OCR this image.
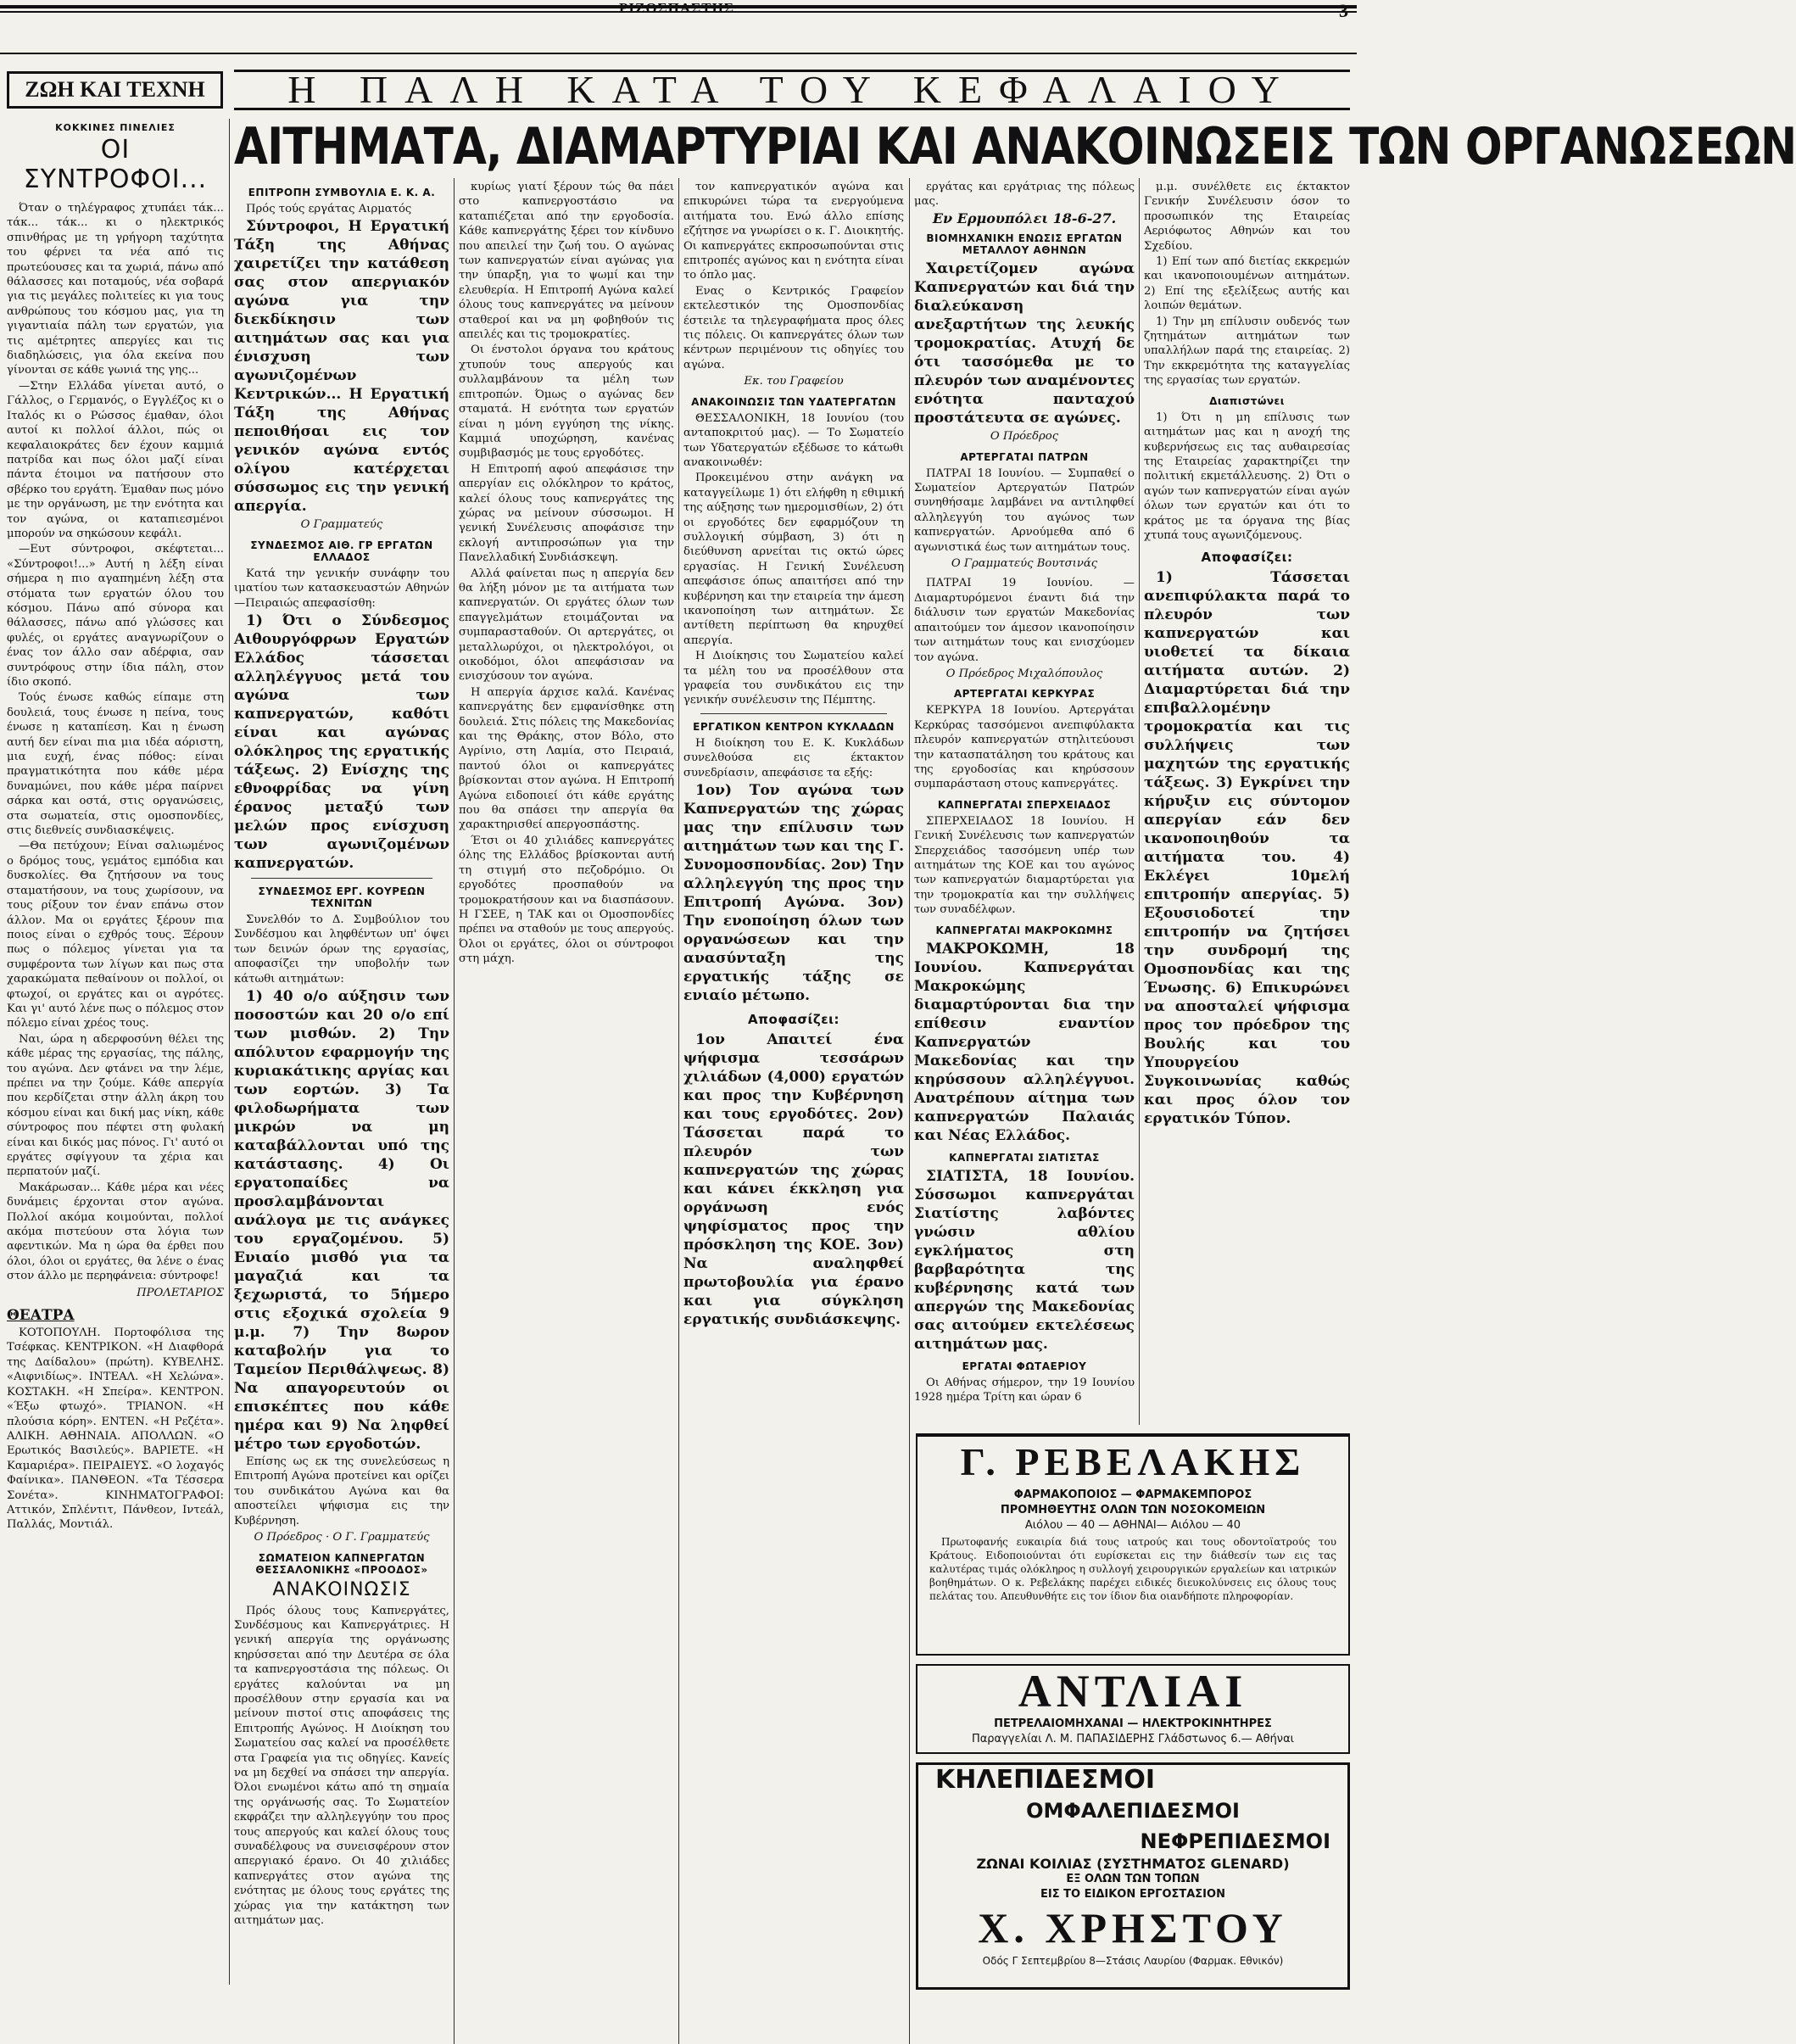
ΡΙΖΟΣΠΑΣΤΗΣ	3
ΖΩΗ ΚΑΙ ΤΕΧΝΗ	Η ΠΑΛΗ ΚΑΤΑ ΤΟΥ ΚΕΦΑΛΑΙΟΥ
ΑΙΤΗΜΑΤΑ, ΔΙΑΜΑΡΤΥΡΙΑΙ ΚΑΙ ΑΝΑΚΟΙΝΩΣΕΙΣ ΤΩΝ ΟΡΓΑΝΩΣΕΩΝ
ΚΟΚΚΙΝΕΣ ΠΙΝΕΛΙΕΣ
ΟΙ ΣΥΝΤΡΟΦΟΙ...

Όταν ο τηλέγραφος χτυπάει τάκ... τάκ... τάκ... κι ο ηλεκτρικός σπινθήρας με τη γρήγορη ταχύτητα του φέρνει τα νέα από τις πρωτεύουσες και τα χωριά, πάνω από θάλασσες και ποταμούς, νέα σοβαρά για τις μεγάλες πολιτείες κι για τους ανθρώπους του κόσμου μας, για τη γιγαντιαία πάλη των εργατών, για τις αμέτρητες απεργίες και τις διαδηλώσεις, για όλα εκείνα που γίνονται σε κάθε γωνιά της γης...

—Στην Ελλάδα γίνεται αυτό, ο Γάλλος, ο Γερμανός, ο Εγγλέζος κι ο Ιταλός κι ο Ρώσσος έμαθαν, όλοι αυτοί κι πολλοί άλλοι, πώς οι κεφαλαιοκράτες δεν έχουν καμμιά πατρίδα και πως όλοι μαζί είναι πάντα έτοιμοι να πατήσουν στο σβέρκο του εργάτη. Έμαθαν πως μόνο με την οργάνωση, με την ενότητα και τον αγώνα, οι καταπιεσμένοι μπορούν να σηκώσουν κεφάλι.

—Ευτ σύντροφοι, σκέφτεται... «Σύντροφοι!...» Αυτή η λέξη είναι σήμερα η πιο αγαπημένη λέξη στα στόματα των εργατών όλου του κόσμου. Πάνω από σύνορα και θάλασσες, πάνω από γλώσσες και φυλές, οι εργάτες αναγνωρίζουν ο ένας τον άλλο σαν αδέρφια, σαν συντρόφους στην ίδια πάλη, στον ίδιο σκοπό.

Τούς ένωσε καθώς είπαμε στη δουλειά, τους ένωσε η πείνα, τους ένωσε η καταπίεση. Και η ένωση αυτή δεν είναι πια μια ιδέα αόριστη, μια ευχή, ένας πόθος: είναι πραγματικότητα που κάθε μέρα δυναμώνει, που κάθε μέρα παίρνει σάρκα και οστά, στις οργανώσεις, στα σωματεία, στις ομοσπονδίες, στις διεθνείς συνδιασκέψεις.

—Θα πετύχουν; Είναι σαλιωμένος ο δρόμος τους, γεμάτος εμπόδια και δυσκολίες. Θα ζητήσουν να τους σταματήσουν, να τους χωρίσουν, να τους ρίξουν τον έναν επάνω στον άλλον. Μα οι εργάτες ξέρουν πια ποιος είναι ο εχθρός τους. Ξέρουν πως ο πόλεμος γίνεται για τα συμφέροντα των λίγων και πως στα χαρακώματα πεθαίνουν οι πολλοί, οι φτωχοί, οι εργάτες και οι αγρότες. Και γι' αυτό λένε πως ο πόλεμος στον πόλεμο είναι χρέος τους.

Ναι, ώρα η αδερφοσύνη θέλει της κάθε μέρας της εργασίας, της πάλης, του αγώνα. Δεν φτάνει να την λέμε, πρέπει να την ζούμε. Κάθε απεργία που κερδίζεται στην άλλη άκρη του κόσμου είναι και δική μας νίκη, κάθε σύντροφος που πέφτει στη φυλακή είναι και δικός μας πόνος. Γι' αυτό οι εργάτες σφίγγουν τα χέρια και περπατούν μαζί.

Μακάρωσαν... Κάθε μέρα και νέες δυνάμεις έρχονται στον αγώνα. Πολλοί ακόμα κοιμούνται, πολλοί ακόμα πιστεύουν στα λόγια των αφεντικών. Μα η ώρα θα έρθει που όλοι, όλοι οι εργάτες, θα λένε ο ένας στον άλλο με περηφάνεια: σύντροφε!

ΠΡΟΛΕΤΑΡΙΟΣ
ΘΕΑΤΡΑ

ΚΟΤΟΠΟΥΛΗ. Πορτοφόλισα της Τσέφκας. ΚΕΝΤΡΙΚΟΝ. «Η Διαφθορά της Δαίδαλου» (πρώτη). ΚΥΒΕΛΗΣ. «Αιφνιδίως». ΙΝΤΕΑΛ. «Η Χελώνα». ΚΟΣΤΑΚΗ. «Η Σπείρα». ΚΕΝΤΡΟΝ. «Έξω φτωχό». ΤΡΙΑΝΟΝ. «Η πλούσια κόρη». ΕΝΤΕΝ. «Η Ρεζέτα». ΑΛΙΚΗ. ΑΘΗΝΑΙΑ. ΑΠΟΛΛΩΝ. «Ο Ερωτικός Βασιλεύς». ΒΑΡΙΕΤΕ. «Η Καμαριέρα». ΠΕΙΡΑΙΕΥΣ. «Ο λοχαγός Φαίνικα». ΠΑΝΘΕΟΝ. «Τα Τέσσερα Σονέτα». ΚΙΝΗΜΑΤΟΓΡΑΦΟΙ: Αττικόν, Σπλέντιτ, Πάνθεον, Ιντεάλ, Παλλάς, Μοντιάλ.

ΕΠΙΤΡΟΠΗ ΣΥΜΒΟΥΛΙΑ Ε. Κ. Α.

Πρός τούς εργάτας Αιρματός

Σύντροφοι, Η Εργατική Τάξη της Αθήνας χαιρετίζει την κατάθεση σας στον απεργιακόν αγώνα για την διεκδίκησιν των αιτημάτων σας και για ένισχυση των αγωνιζομένων Κεντρικών... Η Εργατική Τάξη της Αθήνας πεποιθήσαι εις τον γενικόν αγώνα εντός ολίγου κατέρχεται σύσσωμος εις την γενική απεργία.

Ο Γραμματεύς
ΣΥΝΔΕΣΜΟΣ ΑΙΘ. ΓΡ ΕΡΓΑΤΩΝ ΕΛΛΑΔΟΣ

Κατά την γενικήν συνάφην του ιματίου των κατασκευαστών Αθηνών —Πειραιώς απεφασίσθη:

1) Ότι ο Σύνδεσμος Αιθουργόφρων Εργατών Ελλάδος τάσσεται αλληλέγγυος μετά του αγώνα των καπνεργατών, καθότι είναι και αγώνας ολόκληρος της εργατικής τάξεως. 2) Ενίσχης της εθνοφρίδας να γίνη έρανος μεταξύ των μελών προς ενίσχυση των αγωνιζομένων καπνεργατών.

ΣΥΝΔΕΣΜΟΣ ΕΡΓ. ΚΟΥΡΕΩΝ ΤΕΧΝΙΤΩΝ

Συνελθόν το Δ. Συμβούλιον του Συνδέσμου και ληφθέντων υπ' όψει των δεινών όρων της εργασίας, αποφασίζει την υποβολήν των κάτωθι αιτημάτων:

1) 40 ο/ο αύξησιν των ποσοστών και 20 ο/ο επί των μισθών. 2) Την απόλυτον εφαρμογήν της κυριακάτικης αργίας και των εορτών. 3) Τα φιλοδωρήματα των μικρών να μη καταβάλλονται υπό της κατάστασης. 4) Οι εργατοπαίδες να προσλαμβάνονται ανάλογα με τις ανάγκες του εργαζομένου. 5) Ενιαίο μισθό για τα μαγαζιά και τα ξεχωριστά, το 5ήμερο στις εξοχικά σχολεία 9 μ.μ. 7) Την 8ωρον καταβολήν για το Ταμείον Περιθάλψεως. 8) Να απαγορευτούν οι επισκέπτες που κάθε ημέρα και 9) Να ληφθεί μέτρο των εργοδοτών.

Επίσης ως εκ της συνελεύσεως η Επιτροπή Αγώνα προτείνει και ορίζει του συνδικάτου Αγώνα και θα αποστείλει ψήφισμα εις την Κυβέρνηση.

Ο Πρόεδρος · Ο Γ. Γραμματεύς
ΣΩΜΑΤΕΙΟΝ ΚΑΠΝΕΡΓΑΤΩΝ ΘΕΣΣΑΛΟΝΙΚΗΣ «ΠΡΟΟΔΟΣ»
ΑΝΑΚΟΙΝΩΣΙΣ

Πρός όλους τους Καπνεργάτες, Συνδέσμους και Καπνεργάτριες. Η γενική απεργία της οργάνωσης κηρύσσεται από την Δευτέρα σε όλα τα καπνεργοστάσια της πόλεως. Οι εργάτες καλούνται να μη προσέλθουν στην εργασία και να μείνουν πιστοί στις αποφάσεις της Επιτροπής Αγώνος. Η Διοίκηση του Σωματείου σας καλεί να προσέλθετε στα Γραφεία για τις οδηγίες. Κανείς να μη δεχθεί να σπάσει την απεργία. Όλοι ενωμένοι κάτω από τη σημαία της οργάνωσής σας. Το Σωματείον εκφράζει την αλληλεγγύην του προς τους απεργούς και καλεί όλους τους συναδέλφους να συνεισφέρουν στον απεργιακό έρανο. Οι 40 χιλιάδες καπνεργάτες στον αγώνα της ενότητας με όλους τους εργάτες της χώρας για την κατάκτηση των αιτημάτων μας.

κυρίως γιατί ξέρουν τώς θα πάει στο καπνεργοστάσιο να καταπιέζεται από την εργοδοσία. Κάθε καπνεργάτης ξέρει τον κίνδυνο που απειλεί την ζωή του. Ο αγώνας των καπνεργατών είναι αγώνας για την ύπαρξη, για το ψωμί και την ελευθερία. Η Επιτροπή Αγώνα καλεί όλους τους καπνεργάτες να μείνουν σταθεροί και να μη φοβηθούν τις απειλές και τις τρομοκρατίες.

Οι ένστολοι όργανα του κράτους χτυπούν τους απεργούς και συλλαμβάνουν τα μέλη των επιτροπών. Όμως ο αγώνας δεν σταματά. Η ενότητα των εργατών είναι η μόνη εγγύηση της νίκης. Καμμιά υποχώρηση, κανένας συμβιβασμός με τους εργοδότες.

Η Επιτροπή αφού απεφάσισε την απεργίαν εις ολόκληρον το κράτος, καλεί όλους τους καπνεργάτες της χώρας να μείνουν σύσσωμοι. Η γενική Συνέλευσις αποφάσισε την εκλογή αντιπροσώπων για την Πανελλαδική Συνδιάσκεψη.

Αλλά φαίνεται πως η απεργία δεν θα λήξη μόνον με τα αιτήματα των καπνεργατών. Οι εργάτες όλων των επαγγελμάτων ετοιμάζονται να συμπαρασταθούν. Οι αρτεργάτες, οι μεταλλωρύχοι, οι ηλεκτρολόγοι, οι οικοδόμοι, όλοι απεφάσισαν να ενισχύσουν τον αγώνα.

Η απεργία άρχισε καλά. Κανένας καπνεργάτης δεν εμφανίσθηκε στη δουλειά. Στις πόλεις της Μακεδονίας και της Θράκης, στον Βόλο, στο Αγρίνιο, στη Λαμία, στο Πειραιά, παντού όλοι οι καπνεργάτες βρίσκονται στον αγώνα. Η Επιτροπή Αγώνα ειδοποιεί ότι κάθε εργάτης που θα σπάσει την απεργία θα χαρακτηρισθεί απεργοσπάστης.

Έτσι οι 40 χιλιάδες καπνεργάτες όλης της Ελλάδος βρίσκονται αυτή τη στιγμή στο πεζοδρόμιο. Οι εργοδότες προσπαθούν να τρομοκρατήσουν και να διασπάσουν. Η ΓΣΕΕ, η ΤΑΚ και οι Ομοσπονδίες πρέπει να σταθούν με τους απεργούς. Όλοι οι εργάτες, όλοι οι σύντροφοι στη μάχη.

τον καπνεργατικόν αγώνα και επικυρώνει τώρα τα ενεργούμενα αιτήματα του. Ενώ άλλο επίσης εζήτησε να γνωρίσει ο κ. Γ. Διοικητής. Οι καπνεργάτες εκπροσωπούνται στις επιτροπές αγώνος και η ενότητα είναι το όπλο μας.

Ενας ο Κεντρικός Γραφείον εκτελεστικόν της Ομοσπονδίας έστειλε τα τηλεγραφήματα προς όλες τις πόλεις. Οι καπνεργάτες όλων των κέντρων περιμένουν τις οδηγίες του αγώνα.

Εκ. του Γραφείου
ΑΝΑΚΟΙΝΩΣΙΣ ΤΩΝ ΥΔΑΤΕΡΓΑΤΩΝ

ΘΕΣΣΑΛΟΝΙΚΗ, 18 Ιουνίου (του ανταποκριτού μας). — Το Σωματείο των Υδατεργατών εξέδωσε το κάτωθι ανακοινωθέν:

Προκειμένου στην ανάγκη να καταγγείλωμε 1) ότι ελήφθη η εθιμική της αύξησης των ημερομισθίων, 2) ότι οι εργοδότες δεν εφαρμόζουν τη συλλογική σύμβαση, 3) ότι η διεύθυνση αρνείται τις οκτώ ώρες εργασίας. Η Γενική Συνέλευση απεφάσισε όπως απαιτήσει από την κυβέρνηση και την εταιρεία την άμεση ικανοποίηση των αιτημάτων. Σε αντίθετη περίπτωση θα κηρυχθεί απεργία.

Η Διοίκησις του Σωματείου καλεί τα μέλη του να προσέλθουν στα γραφεία του συνδικάτου εις την γενικήν συνέλευσιν της Πέμπτης.

ΕΡΓΑΤΙΚΟΝ ΚΕΝΤΡΟΝ ΚΥΚΛΑΔΩΝ

Η διοίκηση του Ε. Κ. Κυκλάδων συνελθούσα εις έκτακτον συνεδρίασιν, απεφάσισε τα εξής:

1ον) Τον αγώνα των Καπνεργατών της χώρας μας την επίλυσιν των αιτημάτων των και της Γ. Συνομοσπονδίας. 2ον) Την αλληλεγγύη της προς την Επιτροπή Αγώνα. 3ον) Την ενοποίηση όλων των οργανώσεων και την ανασύνταξη της εργατικής τάξης σε ενιαίο μέτωπο.

Αποφασίζει:

1ον Απαιτεί ένα ψήφισμα τεσσάρων χιλιάδων (4,000) εργατών και προς την Κυβέρνηση και τους εργοδότες. 2ον) Τάσσεται παρά το πλευρόν των καπνεργατών της χώρας και κάνει έκκληση για οργάνωση ενός ψηφίσματος προς την πρόσκληση της ΚΟΕ. 3ον) Να αναληφθεί πρωτοβουλία για έρανο και για σύγκληση εργατικής συνδιάσκεψης.

εργάτας και εργάτριας της πόλεως μας.

Εν Ερμουπόλει 18-6-27.
ΒΙΟΜΗΧΑΝΙΚΗ ΕΝΩΣΙΣ ΕΡΓΑΤΩΝ ΜΕΤΑΛΛΟΥ ΑΘΗΝΩΝ

Χαιρετίζομεν αγώνα Καπνεργατών και διά την διαλεύκανση ανεξαρτήτων της λευκής τρομοκρατίας. Ατυχή δε ότι τασσόμεθα με το πλευρόν των αναμένοντες ενότητα πανταχού προστάτευτα σε αγώνες.

Ο Πρόεδρος
ΑΡΤΕΡΓΑΤΑΙ ΠΑΤΡΩΝ

ΠΑΤΡΑΙ 18 Ιουνίου. — Συμπαθεί ο Σωματείον Αρτεργατών Πατρών συνηθήσαμε λαμβάνει να αντιληφθεί αλληλεγγύη του αγώνος των καπνεργατών. Αρνούμεθα από 6 αγωνιστικά έως των αιτημάτων τους.

Ο Γραμματεύς Βουτσινάς

ΠΑΤΡΑΙ 19 Ιουνίου. — Διαμαρτυρόμενοι έναντι διά την διάλυσιν των εργατών Μακεδονίας απαιτούμεν τον άμεσον ικανοποίησιν των αιτημάτων τους και ενισχύομεν τον αγώνα.

Ο Πρόεδρος Μιχαλόπουλος
ΑΡΤΕΡΓΑΤΑΙ ΚΕΡΚΥΡΑΣ

ΚΕΡΚΥΡΑ 18 Ιουνίου. Αρτεργάται Κερκύρας τασσόμενοι ανεπιφύλακτα πλευρόν καπνεργατών στηλιτεύουσι την κατασπατάληση του κράτους και της εργοδοσίας και κηρύσσουν συμπαράσταση στους καπνεργάτες.

ΚΑΠΝΕΡΓΑΤΑΙ ΣΠΕΡΧΕΙΑΔΟΣ

ΣΠΕΡΧΕΙΑΔΟΣ 18 Ιουνίου. Η Γενική Συνέλευσις των καπνεργατών Σπερχειάδος τασσόμενη υπέρ των αιτημάτων της ΚΟΕ και του αγώνος των καπνεργατών διαμαρτύρεται για την τρομοκρατία και την συλλήψεις των συναδέλφων.

ΚΑΠΝΕΡΓΑΤΑΙ ΜΑΚΡΟΚΩΜΗΣ

ΜΑΚΡΟΚΩΜΗ, 18 Ιουνίου. Καπνεργάται Μακροκώμης διαμαρτύρονται δια την επίθεσιν εναντίον Καπνεργατών Μακεδονίας και την κηρύσσουν αλληλέγγυοι. Ανατρέπουν αίτημα των καπνεργατών Παλαιάς και Νέας Ελλάδος.

ΚΑΠΝΕΡΓΑΤΑΙ ΣΙΑΤΙΣΤΑΣ

ΣΙΑΤΙΣΤΑ, 18 Ιουνίου. Σύσσωμοι καπνεργάται Σιατίστης λαβόντες γνώσιν αθλίου εγκλήματος στη βαρβαρότητα της κυβέρνησης κατά των απεργών της Μακεδονίας σας αιτούμεν εκτελέσεως αιτημάτων μας.

ΕΡΓΑΤΑΙ ΦΩΤΑΕΡΙΟΥ

Οι Αθήνας σήμερον, την 19 Ιουνίου 1928 ημέρα Τρίτη και ώραν 6

μ.μ. συνέλθετε εις έκτακτον Γενικήν Συνέλευσιν όσον το προσωπικόν της Εταιρείας Αεριόφωτος Αθηνών και του Σχεδίου.

1) Επί των από διετίας εκκρεμών και ικανοποιουμένων αιτημάτων. 2) Επί της εξελίξεως αυτής και λοιπών θεμάτων.

1) Την μη επίλυσιν ουδενός των ζητημάτων αιτημάτων των υπαλλήλων παρά της εταιρείας. 2) Την εκκρεμότητα της καταγγελίας της εργασίας των εργατών.

Διαπιστώνει

1) Ότι η μη επίλυσις των αιτημάτων μας και η ανοχή της κυβερνήσεως εις τας αυθαιρεσίας της Εταιρείας χαρακτηρίζει την πολιτική εκμετάλλευσης. 2) Ότι ο αγών των καπνεργατών είναι αγών όλων των εργατών και ότι το κράτος με τα όργανα της βίας χτυπά τους αγωνιζόμενους.

Αποφασίζει:

1) Τάσσεται ανεπιφύλακτα παρά το πλευρόν των καπνεργατών και υιοθετεί τα δίκαια αιτήματα αυτών. 2) Διαμαρτύρεται διά την επιβαλλομένην τρομοκρατία και τις συλλήψεις των μαχητών της εργατικής τάξεως. 3) Εγκρίνει την κήρυξιν εις σύντομον απεργίαν εάν δεν ικανοποιηθούν τα αιτήματα του. 4) Εκλέγει 10μελή επιτροπήν απεργίας. 5) Εξουσιοδοτεί την επιτροπήν να ζητήσει την συνδρομή της Ομοσπονδίας και της Ένωσης. 6) Επικυρώνει να αποσταλεί ψήφισμα προς τον πρόεδρον της Βουλής και του Υπουργείου Συγκοινωνίας καθώς και προς όλον τον εργατικόν Τύπον.

Γ. ΡΕΒΕΛΑΚΗΣ
ΦΑΡΜΑΚΟΠΟΙΟΣ — ΦΑΡΜΑΚΕΜΠΟΡΟΣ
ΠΡΟΜΗΘΕΥΤΗΣ ΟΛΩΝ ΤΩΝ ΝΟΣΟΚΟΜΕΙΩΝ
Αιόλου — 40 — ΑΘΗΝΑΙ— Αιόλου — 40
Πρωτοφανής ευκαιρία διά τους ιατρούς και τους οδοντοϊατρούς του Κράτους. Ειδοποιούνται ότι ευρίσκεται εις την διάθεσίν των εις τας καλυτέρας τιμάς ολόκληρος η συλλογή χειρουργικών εργαλείων και ιατρικών βοηθημάτων. Ο κ. Ρεβελάκης παρέχει ειδικές διευκολύνσεις εις όλους τους πελάτας του. Απευθυνθήτε εις τον ίδιον δια οιανδήποτε πληροφορίαν.
ΑΝΤΛΙΑΙ
ΠΕΤΡΕΛΑΙΟΜΗΧΑΝΑΙ — ΗΛΕΚΤΡΟΚΙΝΗΤΗΡΕΣ
Παραγγελίαι Λ. Μ. ΠΑΠΑΣΙΔΕΡΗΣ Γλάδστωνος 6.— Αθήναι
ΚΗΛΕΠΙΔΕΣΜΟΙ
ΟΜΦΑΛΕΠΙΔΕΣΜΟΙ
ΝΕΦΡΕΠΙΔΕΣΜΟΙ
ΖΩΝΑΙ ΚΟΙΛΙΑΣ (ΣΥΣΤΗΜΑΤΟΣ GLENARD)
ΕΞ ΟΛΩΝ ΤΩΝ ΤΟΠΩΝ
ΕΙΣ ΤΟ ΕΙΔΙΚΟΝ ΕΡΓΟΣΤΑΣΙΟΝ
Χ. ΧΡΗΣΤΟΥ
Οδός Γ Σεπτεμβρίου 8—Στάσις Λαυρίου (Φαρμακ. Εθνικόν)
